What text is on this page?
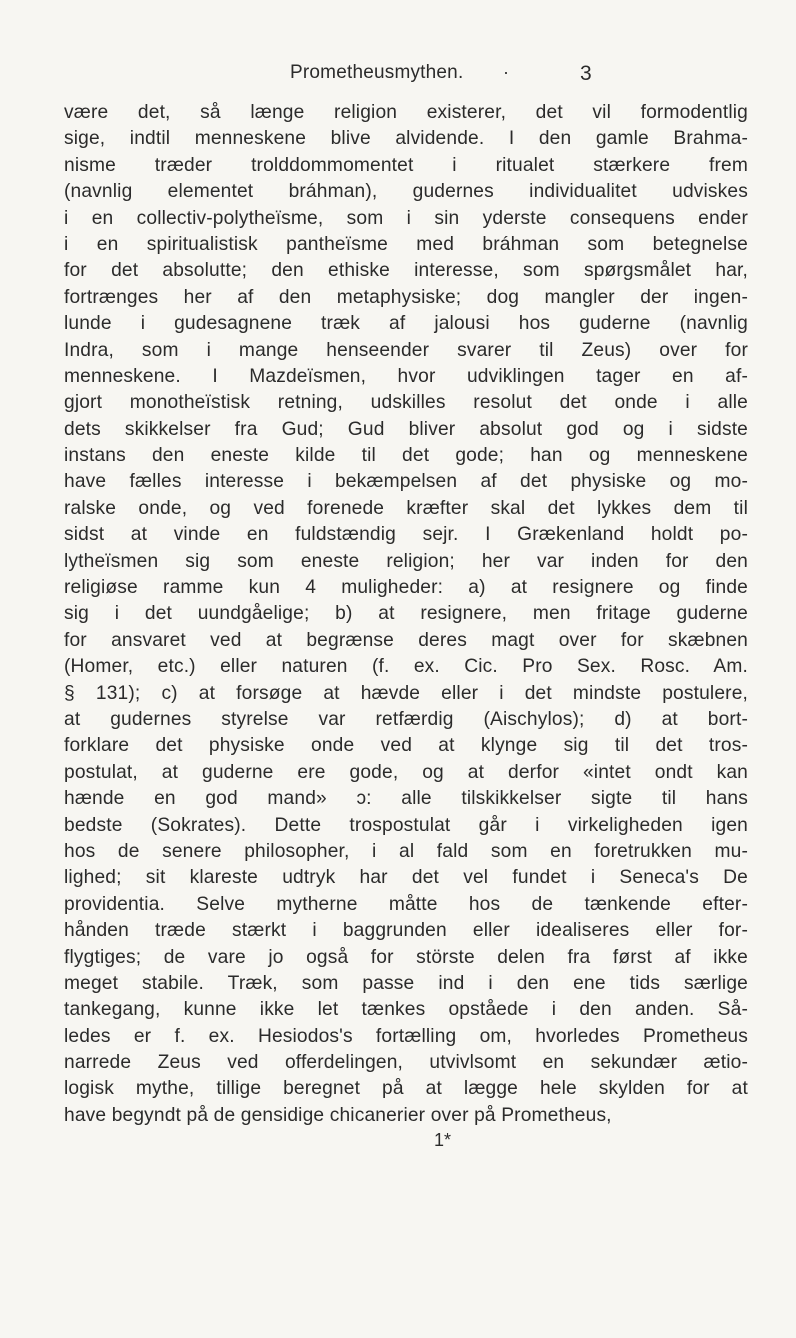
Prometheusmythen. ·	3
være det, så længe religion existerer, det vil formodentlig
sige, indtil menneskene blive alvidende. I den gamle Brahma-
nisme træder trolddommomentet i ritualet stærkere frem
(navnlig elementet bráhman), gudernes individualitet udviskes
i en collectiv-polytheïsme, som i sin yderste consequens ender
i en spiritualistisk pantheïsme med bráhman som betegnelse
for det absolutte; den ethiske interesse, som spørgsmålet har,
fortrænges her af den metaphysiske; dog mangler der ingen-
lunde i gudesagnene træk af jalousi hos guderne (navnlig
Indra, som i mange henseender svarer til Zeus) over for
menneskene. I Mazdeïsmen, hvor udviklingen tager en af-
gjort monotheïstisk retning, udskilles resolut det onde i alle
dets skikkelser fra Gud; Gud bliver absolut god og i sidste
instans den eneste kilde til det gode; han og menneskene
have fælles interesse i bekæmpelsen af det physiske og mo-
ralske onde, og ved forenede kræfter skal det lykkes dem til
sidst at vinde en fuldstændig sejr. I Grækenland holdt po-
lytheïsmen sig som eneste religion; her var inden for den
religiøse ramme kun 4 muligheder: a) at resignere og finde
sig i det uundgåelige; b) at resignere, men fritage guderne
for ansvaret ved at begrænse deres magt over for skæbnen
(Homer, etc.) eller naturen (f. ex. Cic. Pro Sex. Rosc. Am.
§ 131); c) at forsøge at hævde eller i det mindste postulere,
at gudernes styrelse var retfærdig (Aischylos); d) at bort-
forklare det physiske onde ved at klynge sig til det tros-
postulat, at guderne ere gode, og at derfor «intet ondt kan
hænde en god mand» ɔ: alle tilskikkelser sigte til hans
bedste (Sokrates). Dette trospostulat går i virkeligheden igen
hos de senere philosopher, i al fald som en foretrukken mu-
lighed; sit klareste udtryk har det vel fundet i Seneca's De
providentia. Selve mytherne måtte hos de tænkende efter-
hånden træde stærkt i baggrunden eller idealiseres eller for-
flygtiges; de vare jo også for störste delen fra først af ikke
meget stabile. Træk, som passe ind i den ene tids særlige
tankegang, kunne ikke let tænkes opståede i den anden. Så-
ledes er f. ex. Hesiodos's fortælling om, hvorledes Prometheus
narrede Zeus ved offerdelingen, utvivlsomt en sekundær ætio-
logisk mythe, tillige beregnet på at lægge hele skylden for at
have begyndt på de gensidige chicanerier over på Prometheus,
1*
